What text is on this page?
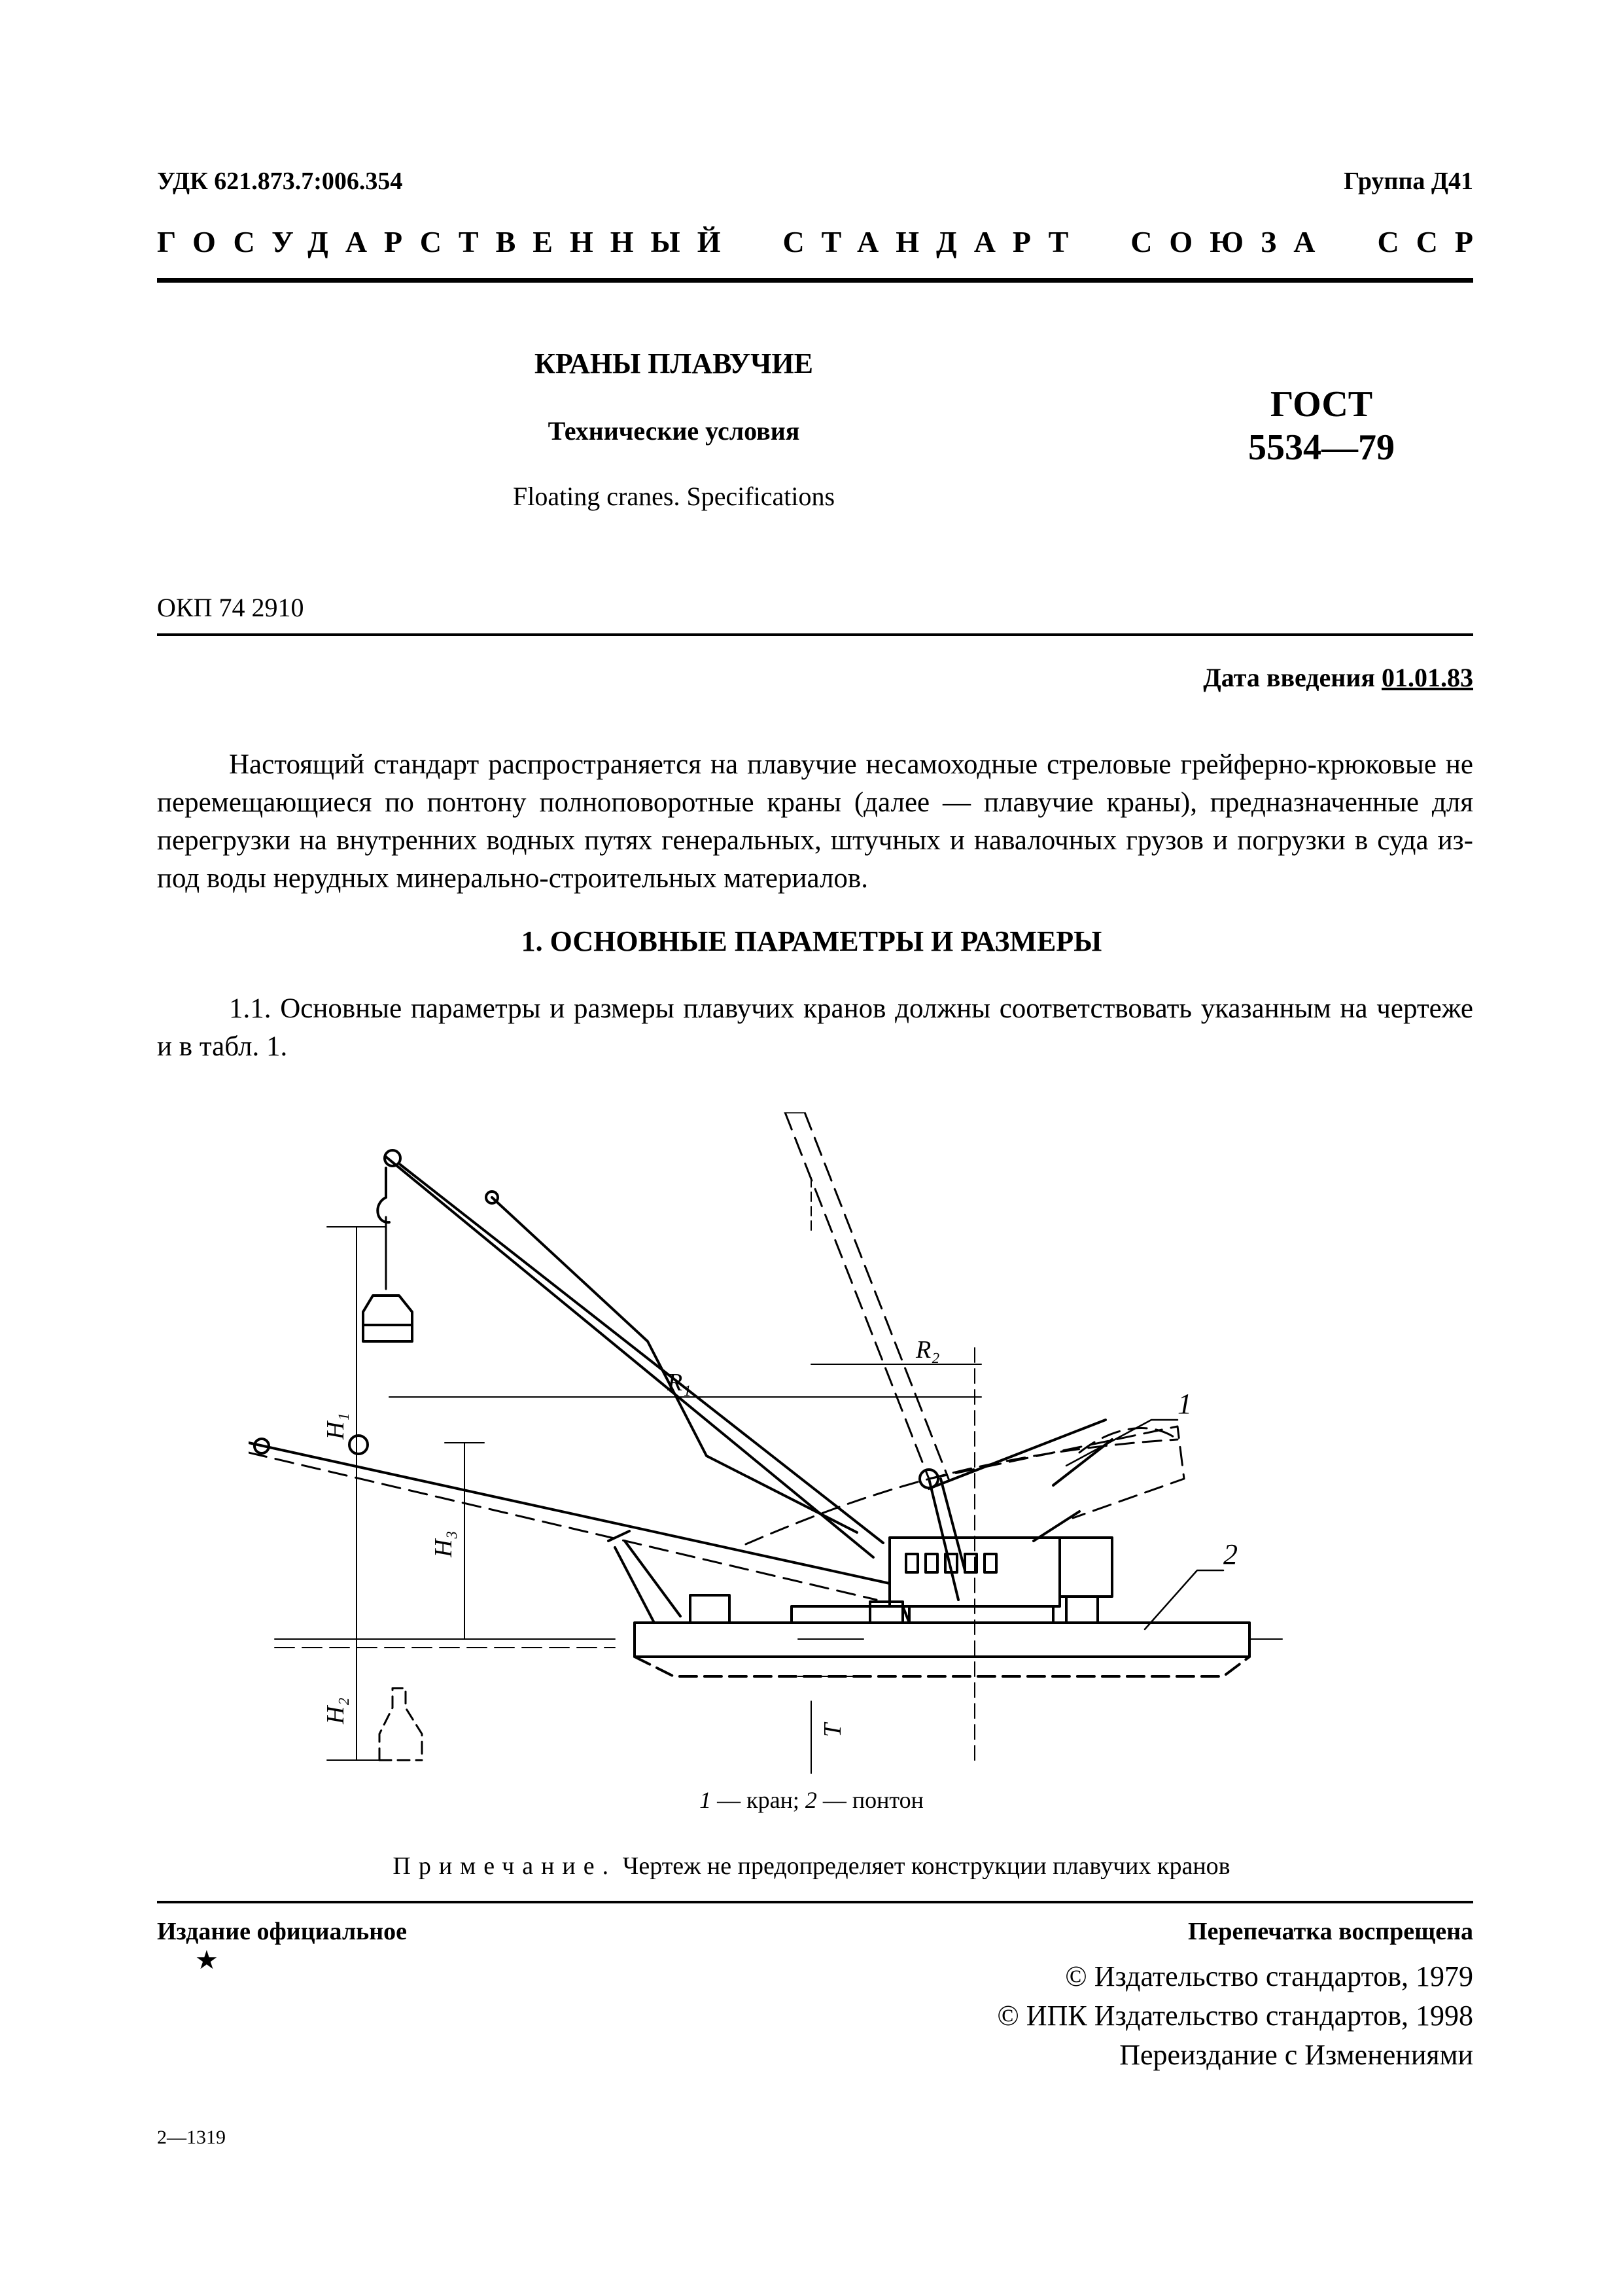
УДК 621.873.7:006.354	Группа Д41
ГОСУДАРСТВЕННЫЙ СТАНДАРТ СОЮЗА ССР
КРАНЫ ПЛАВУЧИЕ
Технические условия
Floating cranes. Specifications
ГОСТ
5534—79
ОКП 74 2910
Дата введения 01.01.83

Настоящий стандарт распространяется на плавучие несамоходные стреловые грейферно-крюковые не перемещающиеся по понтону полноповоротные краны (далее — плавучие краны), предназначенные для перегрузки на внутренних водных путях генеральных, штучных и навалочных грузов и погрузки в суда из-под воды нерудных минерально-строительных материалов.

1. ОСНОВНЫЕ ПАРАМЕТРЫ И РАЗМЕРЫ

1.1. Основные параметры и размеры плавучих кранов должны соответствовать указанным на чертеже и в табл. 1.

H₁
H₃
H₂
R₁
R₂
T
1
2
1 — кран; 2 — понтон
Примечание. Чертеж не предопределяет конструкции плавучих кранов
Издание официальное
★
Перепечатка воспрещена
© Издательство стандартов, 1979
© ИПК Издательство стандартов, 1998
Переиздание с Изменениями
2—1319
